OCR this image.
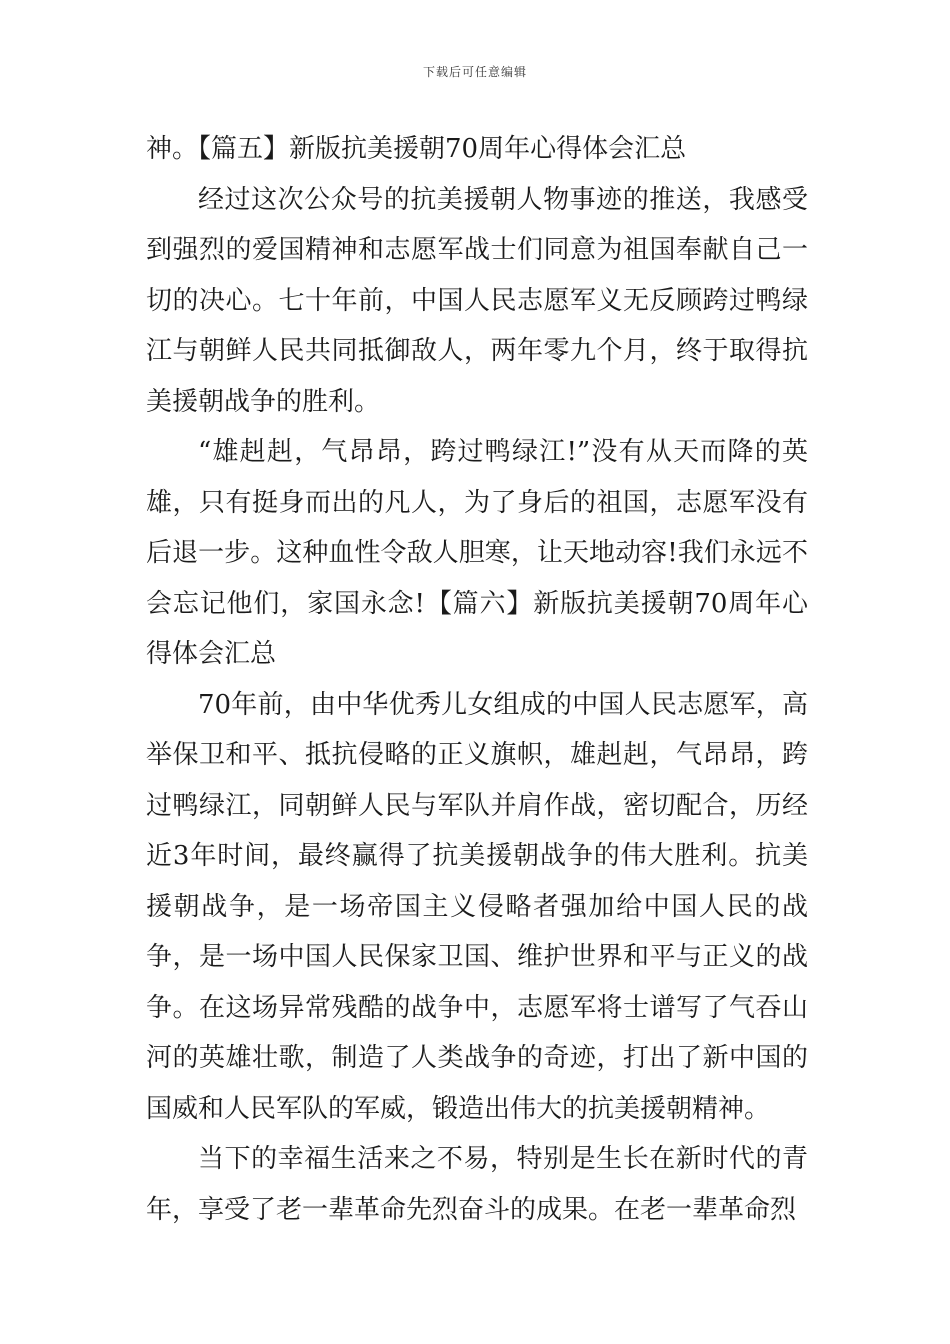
下载后可任意编辑

神。【篇五】新版抗美援朝70周年心得体会汇总

经过这次公众号的抗美援朝人物事迹的推送，我感受到强烈的爱国精神和志愿军战士们同意为祖国奉献自己一切的决心。七十年前，中国人民志愿军义无反顾跨过鸭绿江与朝鲜人民共同抵御敌人，两年零九个月，终于取得抗美援朝战争的胜利。

“雄赳赳，气昂昂，跨过鸭绿江!”没有从天而降的英雄，只有挺身而出的凡人，为了身后的祖国，志愿军没有后退一步。这种血性令敌人胆寒，让天地动容!我们永远不会忘记他们，家国永念!【篇六】新版抗美援朝70周年心得体会汇总

70年前，由中华优秀儿女组成的中国人民志愿军，高举保卫和平、抵抗侵略的正义旗帜，雄赳赳，气昂昂，跨过鸭绿江，同朝鲜人民与军队并肩作战，密切配合，历经近3年时间，最终赢得了抗美援朝战争的伟大胜利。抗美援朝战争，是一场帝国主义侵略者强加给中国人民的战争，是一场中国人民保家卫国、维护世界和平与正义的战争。在这场异常残酷的战争中，志愿军将士谱写了气吞山河的英雄壮歌，制造了人类战争的奇迹，打出了新中国的国威和人民军队的军威，锻造出伟大的抗美援朝精神。

当下的幸福生活来之不易，特别是生长在新时代的青年，享受了老一辈革命先烈奋斗的成果。在老一辈革命烈
